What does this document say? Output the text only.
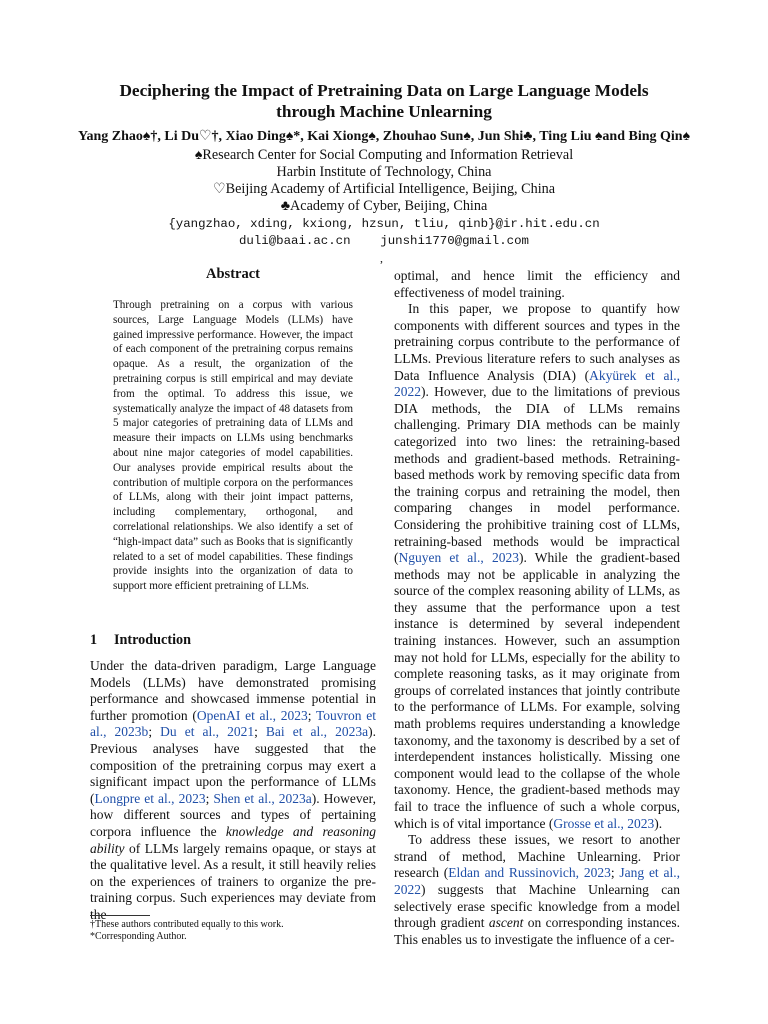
Deciphering the Impact of Pretraining Data on Large Language Models
through Machine Unlearning
Yang Zhao♠†, Li Du♡†, Xiao Ding♠*, Kai Xiong♠, Zhouhao Sun♠, Jun Shi♣, Ting Liu ♠and Bing Qin♠
♠Research Center for Social Computing and Information Retrieval
Harbin Institute of Technology, China
♡Beijing Academy of Artificial Intelligence, Beijing, China
♣Academy of Cyber, Beijing, China
{yangzhao, xding, kxiong, hzsun, tliu, qinb}@ir.hit.edu.cn
duli@baai.ac.cn    junshi1770@gmail.com
,
Abstract
Through pretraining on a corpus with various sources, Large Language Models (LLMs) have gained impressive performance. However, the impact of each component of the pretraining corpus remains opaque. As a result, the organization of the pretraining corpus is still empirical and may deviate from the optimal. To address this issue, we systematically analyze the impact of 48 datasets from 5 major categories of pretraining data of LLMs and measure their impacts on LLMs using benchmarks about nine major categories of model capabilities. Our analyses provide empirical results about the contribution of multiple corpora on the performances of LLMs, along with their joint impact patterns, including complementary, orthogonal, and correlational relationships. We also identify a set of “high-impact data” such as Books that is significantly related to a set of model capabilities. These findings provide insights into the organization of data to support more efficient pretraining of LLMs.
1 Introduction

Under the data-driven paradigm, Large Language Models (LLMs) have demonstrated promising performance and showcased immense potential in further promotion (OpenAI et al., 2023; Touvron et al., 2023b; Du et al., 2021; Bai et al., 2023a). Previous analyses have suggested that the composition of the pretraining corpus may exert a significant impact upon the performance of LLMs (Longpre et al., 2023; Shen et al., 2023a). However, how different sources and types of pertaining corpora influence the knowledge and reasoning ability of LLMs largely remains opaque, or stays at the qualitative level. As a result, it still heavily relies on the experiences of trainers to organize the pre-training corpus. Such experiences may deviate from the

†These authors contributed equally to this work.
*Corresponding Author.

optimal, and hence limit the efficiency and effectiveness of model training.

In this paper, we propose to quantify how components with different sources and types in the pretraining corpus contribute to the performance of LLMs. Previous literature refers to such analyses as Data Influence Analysis (DIA) (Akyürek et al., 2022). However, due to the limitations of previous DIA methods, the DIA of LLMs remains challenging. Primary DIA methods can be mainly categorized into two lines: the retraining-based methods and gradient-based methods. Retraining-based methods work by removing specific data from the training corpus and retraining the model, then comparing changes in model performance. Considering the prohibitive training cost of LLMs, retraining-based methods would be impractical (Nguyen et al., 2023). While the gradient-based methods may not be applicable in analyzing the source of the complex reasoning ability of LLMs, as they assume that the performance upon a test instance is determined by several independent training instances. However, such an assumption may not hold for LLMs, especially for the ability to complete reasoning tasks, as it may originate from groups of correlated instances that jointly contribute to the performance of LLMs. For example, solving math problems requires understanding a knowledge taxonomy, and the taxonomy is described by a set of interdependent instances holistically. Missing one component would lead to the collapse of the whole taxonomy. Hence, the gradient-based methods may fail to trace the influence of such a whole corpus, which is of vital importance (Grosse et al., 2023).

To address these issues, we resort to another strand of method, Machine Unlearning. Prior research (Eldan and Russinovich, 2023; Jang et al., 2022) suggests that Machine Unlearning can selectively erase specific knowledge from a model through gradient ascent on corresponding instances. This enables us to investigate the influence of a cer-
